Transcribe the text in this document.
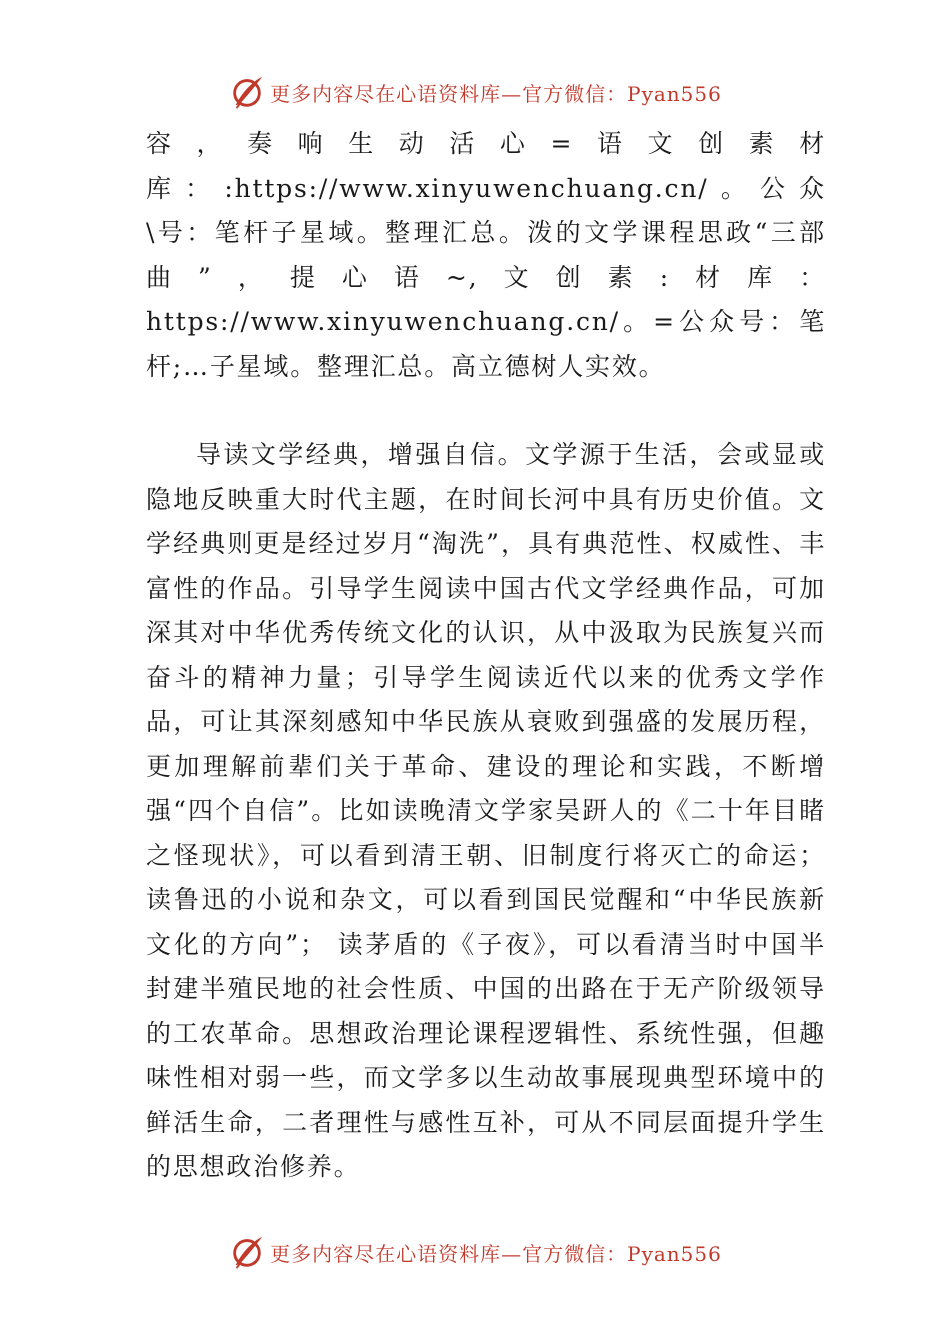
更多内容尽在心语资料库—官方微信：Pyan556

容，奏响生动活心=语文创素材库：:https://www.xinyuwenchuang.cn/。公众\号：笔杆子星域。整理汇总。泼的文学课程思政“三部曲”，提心语~,文创素:材库：https://www.xinyuwenchuang.cn/。=公众号：笔杆;…子星域。整理汇总。高立德树人实效。

导读文学经典，增强自信。文学源于生活，会或显或隐地反映重大时代主题，在时间长河中具有历史价值。文学经典则更是经过岁月“淘洗”，具有典范性、权威性、丰富性的作品。引导学生阅读中国古代文学经典作品，可加深其对中华优秀传统文化的认识，从中汲取为民族复兴而奋斗的精神力量；引导学生阅读近代以来的优秀文学作品，可让其深刻感知中华民族从衰败到强盛的发展历程，更加理解前辈们关于革命、建设的理论和实践，不断增强“四个自信”。比如读晚清文学家吴趼人的《二十年目睹之怪现状》，可以看到清王朝、旧制度行将灭亡的命运；读鲁迅的小说和杂文，可以看到国民觉醒和“中华民族新文化的方向”； 读茅盾的《子夜》，可以看清当时中国半封建半殖民地的社会性质、中国的出路在于无产阶级领导的工农革命。思想政治理论课程逻辑性、系统性强，但趣味性相对弱一些，而文学多以生动故事展现典型环境中的鲜活生命，二者理性与感性互补，可从不同层面提升学生的思想政治修养。

更多内容尽在心语资料库—官方微信：Pyan556
